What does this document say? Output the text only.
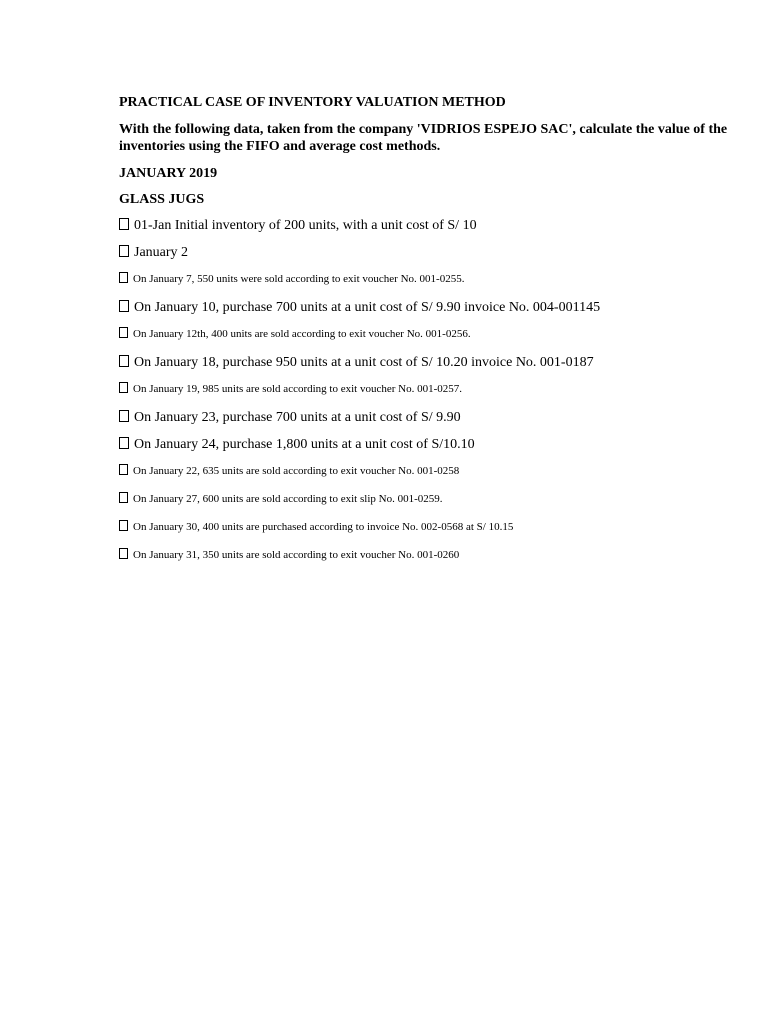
PRACTICAL CASE OF INVENTORY VALUATION METHOD
With the following data, taken from the company 'VIDRIOS ESPEJO SAC', calculate the value of the inventories using the FIFO and average cost methods.
JANUARY 2019
GLASS JUGS
01-Jan Initial inventory of 200 units, with a unit cost of S/ 10
January 2
On January 7, 550 units were sold according to exit voucher No. 001-0255.
On January 10, purchase 700 units at a unit cost of S/ 9.90 invoice No. 004-001145
On January 12th, 400 units are sold according to exit voucher No. 001-0256.
On January 18, purchase 950 units at a unit cost of S/ 10.20 invoice No. 001-0187
On January 19, 985 units are sold according to exit voucher No. 001-0257.
On January 23, purchase 700 units at a unit cost of S/ 9.90
On January 24, purchase 1,800 units at a unit cost of S/10.10
On January 22, 635 units are sold according to exit voucher No. 001-0258
On January 27, 600 units are sold according to exit slip No. 001-0259.
On January 30, 400 units are purchased according to invoice No. 002-0568 at S/ 10.15
On January 31, 350 units are sold according to exit voucher No. 001-0260
